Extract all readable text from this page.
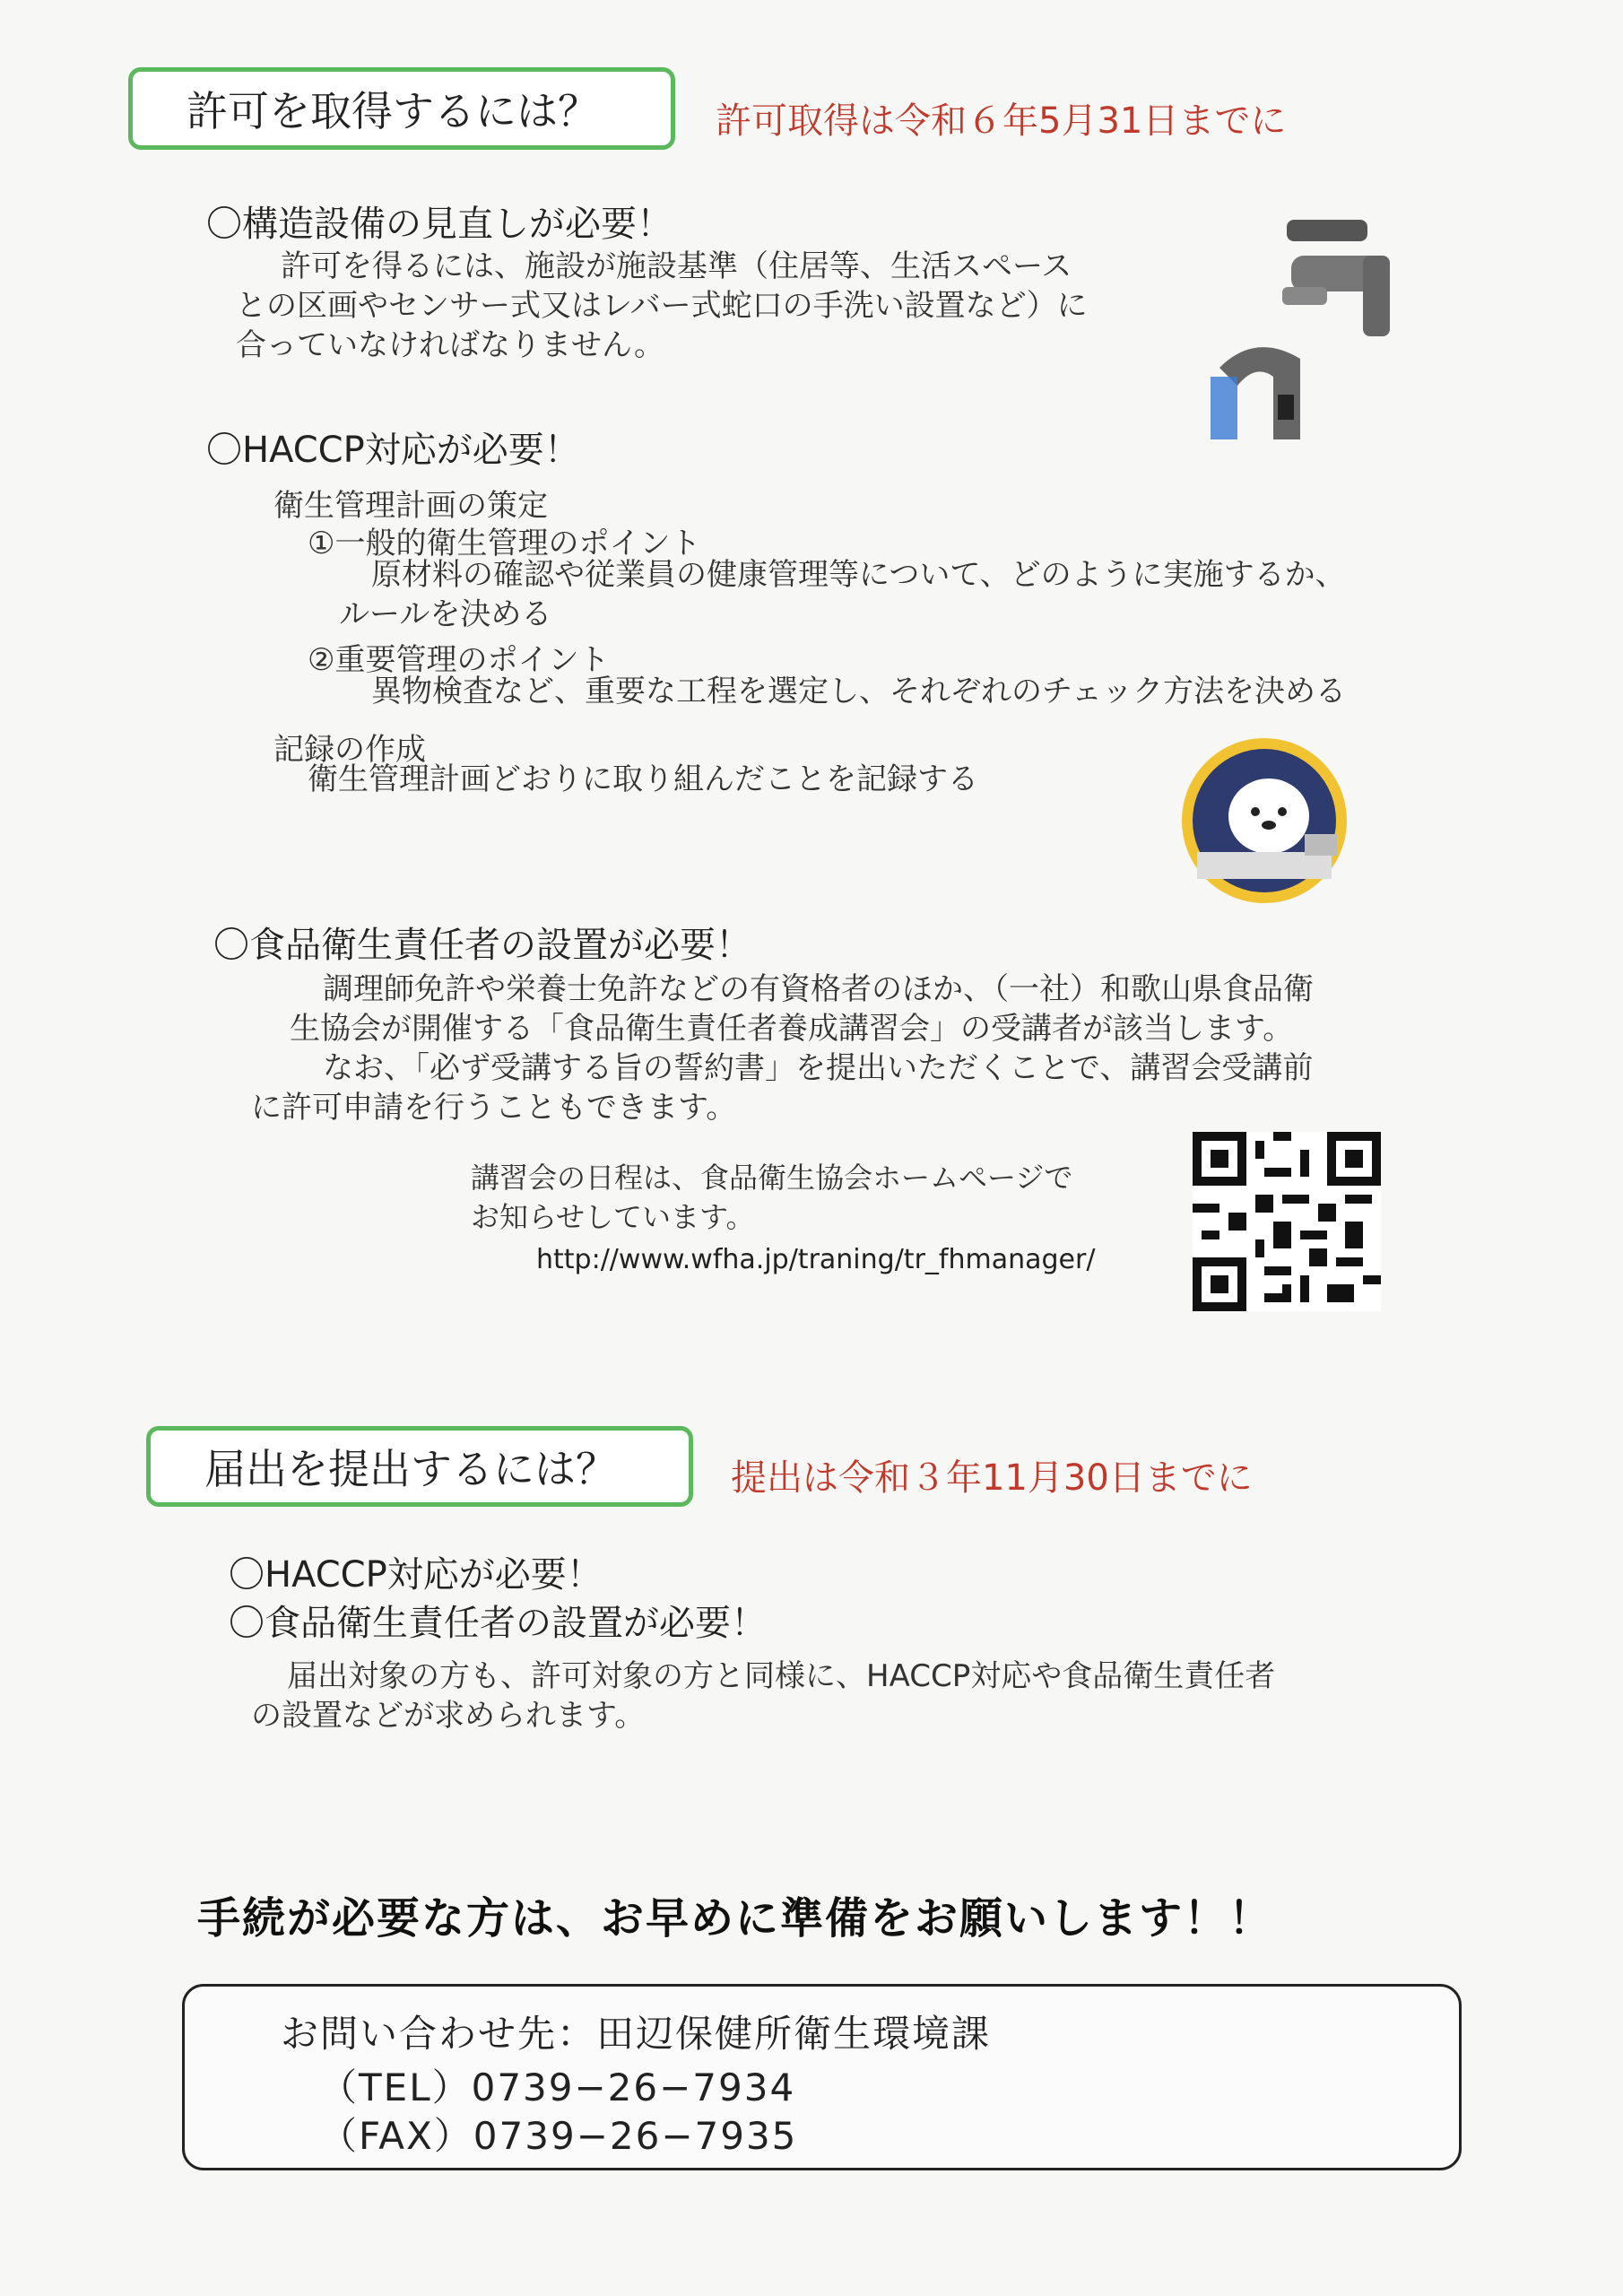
許可を取得するには？	許可取得は令和６年5月31日までに
〇構造設備の見直しが必要！
許可を得るには、施設が施設基準（住居等、生活スペース
との区画やセンサー式又はレバー式蛇口の手洗い設置など）に
合っていなければなりません。
〇HACCP対応が必要！
衛生管理計画の策定
①一般的衛生管理のポイント
原材料の確認や従業員の健康管理等について、どのように実施するか、
ルールを決める
②重要管理のポイント
異物検査など、重要な工程を選定し、それぞれのチェック方法を決める
記録の作成
衛生管理計画どおりに取り組んだことを記録する
〇食品衛生責任者の設置が必要！
調理師免許や栄養士免許などの有資格者のほか、（一社）和歌山県食品衛
生協会が開催する「食品衛生責任者養成講習会」の受講者が該当します。
なお、「必ず受講する旨の誓約書」を提出いただくことで、講習会受講前
に許可申請を行うこともできます。
講習会の日程は、食品衛生協会ホームページで
お知らせしています。
http://www.wfha.jp/traning/tr_fhmanager/
届出を提出するには？	提出は令和３年11月30日までに
〇HACCP対応が必要！
〇食品衛生責任者の設置が必要！
届出対象の方も、許可対象の方と同様に、HACCP対応や食品衛生責任者
の設置などが求められます。
手続が必要な方は、お早めに準備をお願いします！！
お問い合わせ先：田辺保健所衛生環境課
（TEL）0739−26−7934
（FAX）0739−26−7935
